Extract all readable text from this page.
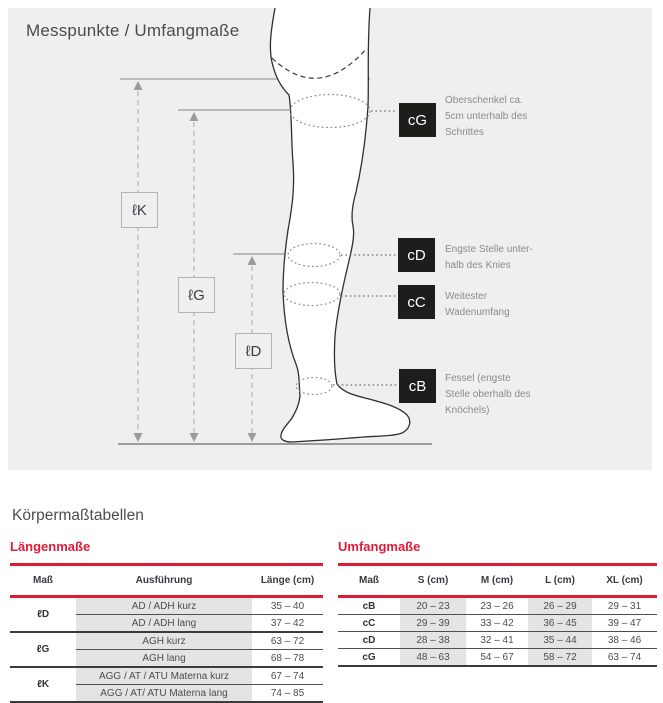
Messpunkte / Umfangmaße
ℓK
ℓG
ℓD
cG
cD
cC
cB
Oberschenkel ca.
5cm unterhalb des
Schrittes
Engste Stelle unter-
halb des Knies
Weitester
Wadenumfang
Fessel (engste
Stelle oberhalb des
Knöchels)
Körpermaßtabellen
Längenmaße
Maß	Ausführung	Länge (cm)
ℓD	AD / ADH kurz	35 – 40
	AD / ADH lang	37 – 42
ℓG	AGH kurz	63 – 72
	AGH lang	68 – 78
ℓK	AGG / AT / ATU Materna kurz	67 – 74
	AGG / AT/ ATU Materna lang	74 – 85
Umfangmaße
Maß	S (cm)	M (cm)	L (cm)	XL (cm)
cB	20 – 23	23 – 26	26 – 29	29 – 31
cC	29 – 39	33 – 42	36 – 45	39 – 47
cD	28 – 38	32 – 41	35 – 44	38 – 46
cG	48 – 63	54 – 67	58 – 72	63 – 74
